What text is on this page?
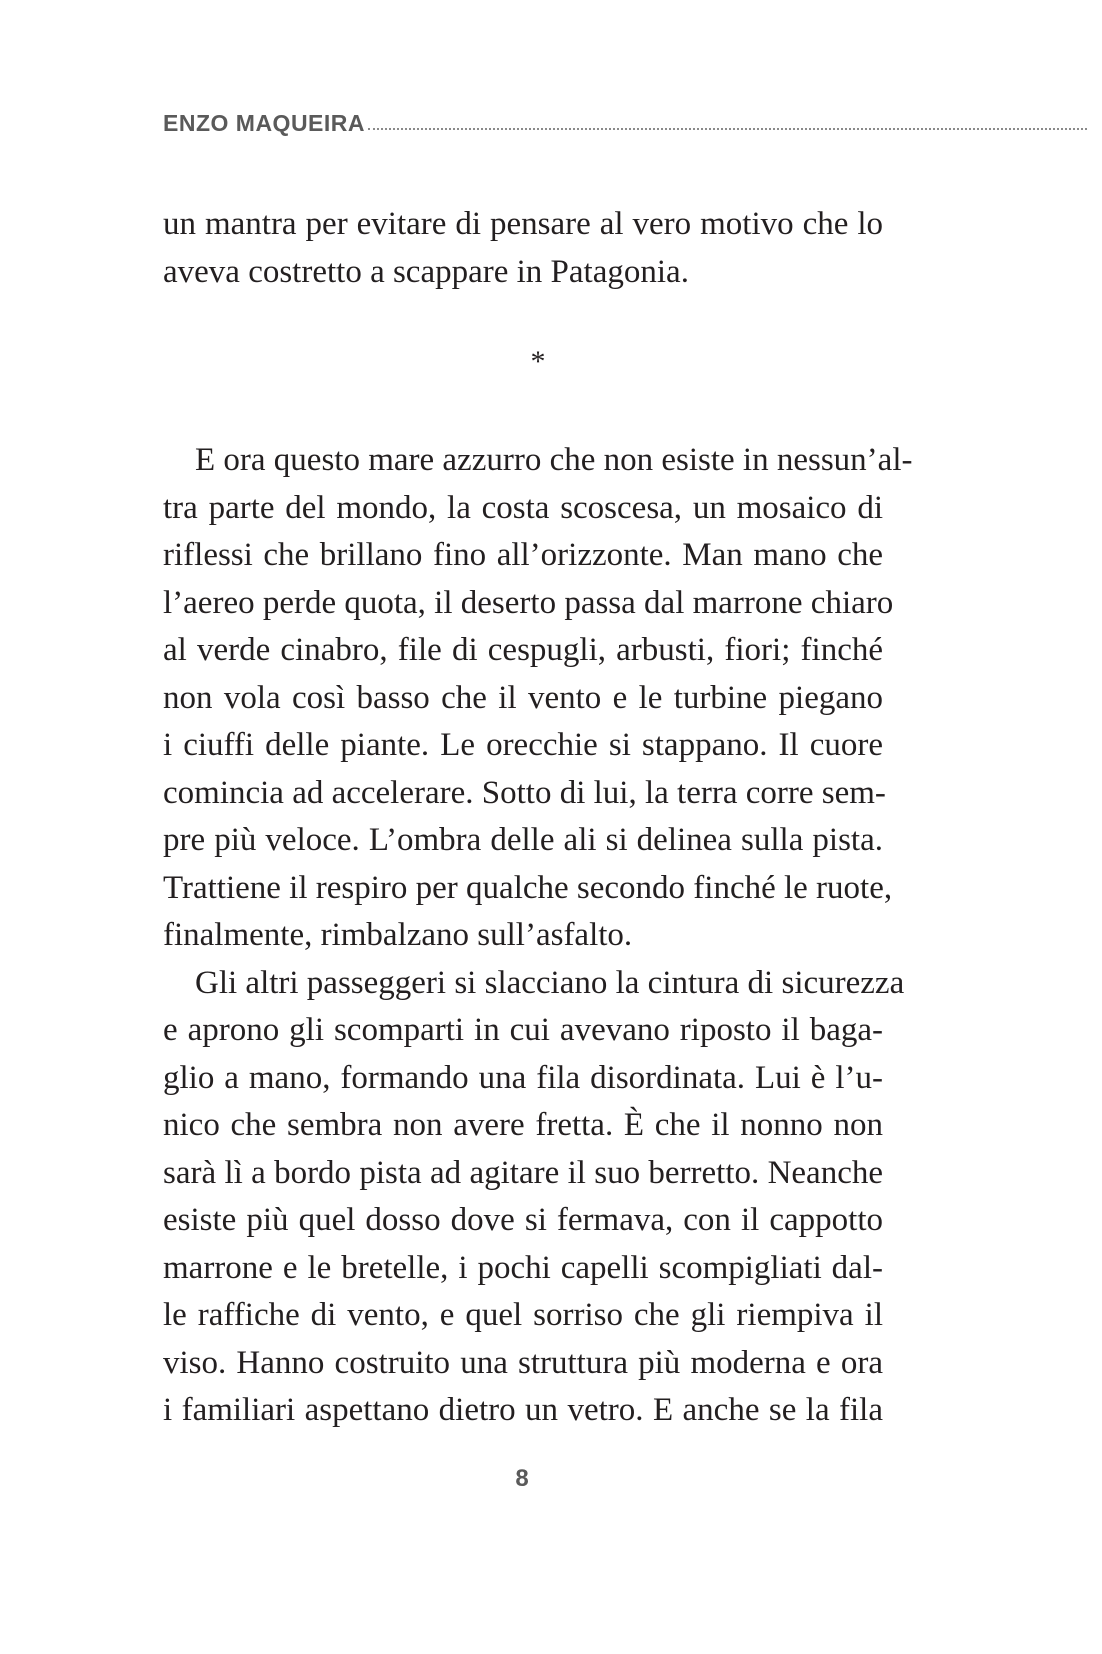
ENZO MAQUEIRA

un mantra per evitare di pensare al vero motivo che lo
aveva costretto a scappare in Patagonia.

*

E ora questo mare azzurro che non esiste in nessun’al-
tra parte del mondo, la costa scoscesa, un mosaico di
riflessi che brillano fino all’orizzonte. Man mano che
l’aereo perde quota, il deserto passa dal marrone chiaro
al verde cinabro, file di cespugli, arbusti, fiori; finché
non vola così basso che il vento e le turbine piegano
i ciuffi delle piante. Le orecchie si stappano. Il cuore
comincia ad accelerare. Sotto di lui, la terra corre sem-
pre più veloce. L’ombra delle ali si delinea sulla pista.
Trattiene il respiro per qualche secondo finché le ruote,
finalmente, rimbalzano sull’asfalto.

Gli altri passeggeri si slacciano la cintura di sicurezza
e aprono gli scomparti in cui avevano riposto il baga-
glio a mano, formando una fila disordinata. Lui è l’u-
nico che sembra non avere fretta. È che il nonno non
sarà lì a bordo pista ad agitare il suo berretto. Neanche
esiste più quel dosso dove si fermava, con il cappotto
marrone e le bretelle, i pochi capelli scompigliati dal-
le raffiche di vento, e quel sorriso che gli riempiva il
viso. Hanno costruito una struttura più moderna e ora
i familiari aspettano dietro un vetro. E anche se la fila

8
